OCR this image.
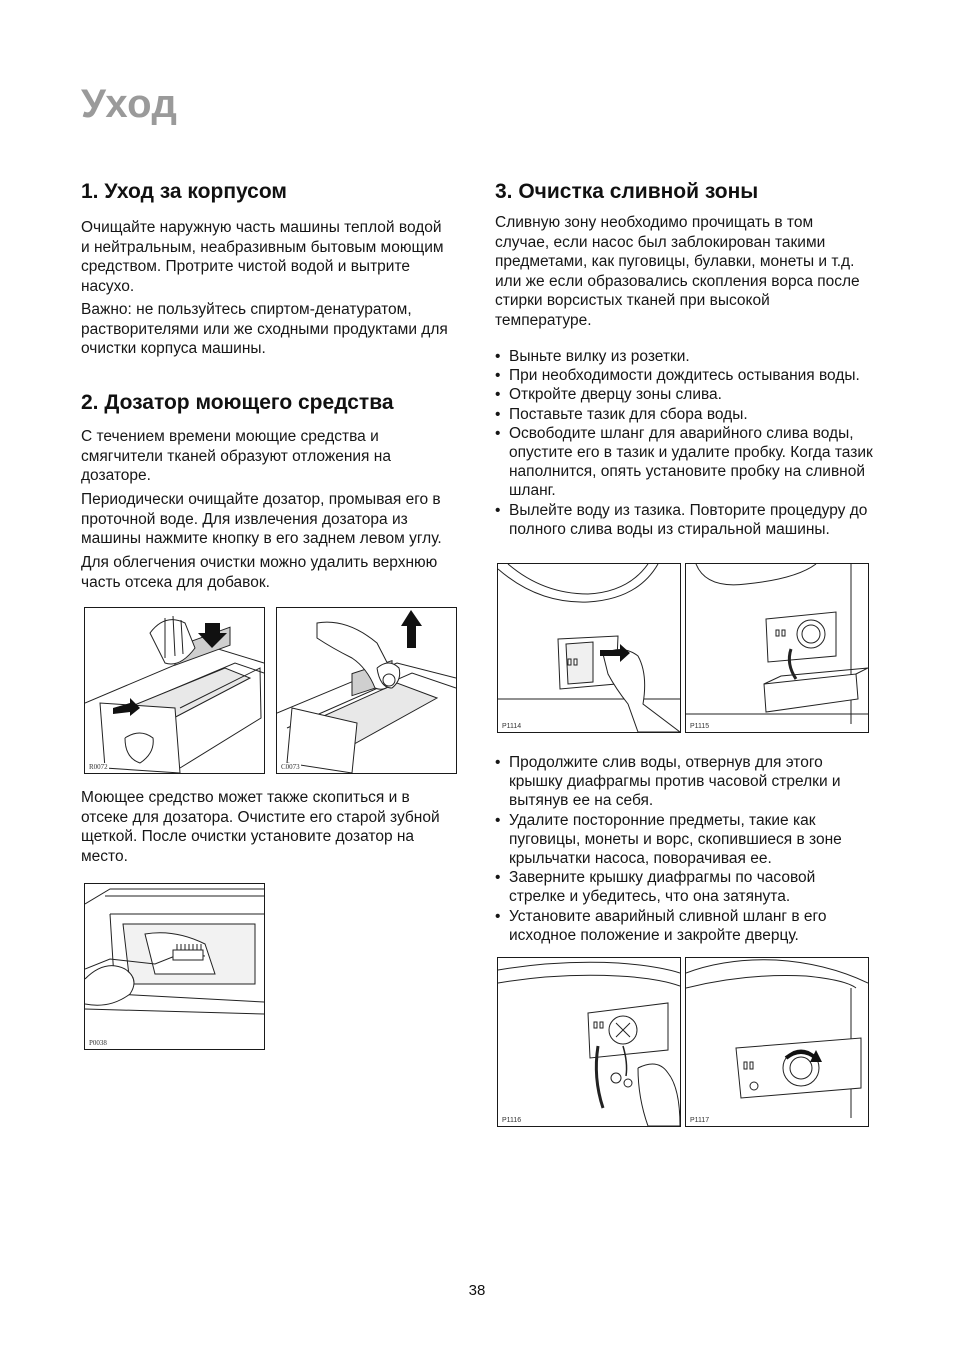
Уход
1. Уход за корпусом

Очищайте наружную часть машины теплой водой и нейтральным, неабразивным бытовым моющим средством. Протрите чистой водой и вытрите насухо.

Важно: не пользуйтесь спиртом-денатуратом, растворителями или же сходными продуктами для очистки корпуса машины.

2. Дозатор моющего средства

С течением времени моющие средства и смягчители тканей образуют отложения на дозаторе.

Периодически очищайте дозатор, промывая его в проточной воде. Для извлечения дозатора из машины нажмите кнопку в его заднем левом углу.

Для облегчения очистки можно удалить верхнюю часть отсека для добавок.

R0072	C0073

Моющее средство может также скопиться и в отсеке для дозатора. Очистите его старой зубной щеткой. После очистки установите дозатор на место.

P0038
3. Очистка сливной зоны

Сливную зону необходимо прочищать в том случае, если насос был заблокирован такими предметами, как пуговицы, булавки, монеты и т.д. или же если образовались скопления ворса после стирки ворсистых тканей при высокой температуре.

• Выньте вилку из розетки.
• При необходимости дождитесь остывания воды.
• Откройте дверцу зоны слива.
• Поставьте тазик для сбора воды.
• Освободите шланг для аварийного слива воды, опустите его в тазик и удалите пробку. Когда тазик наполнится, опять установите пробку на сливной шланг.
• Вылейте воду из тазика. Повторите процедуру до полного слива воды из стиральной машины.
P1114	P1115
• Продолжите слив воды, отвернув для этого крышку диафрагмы против часовой стрелки и вытянув ее на себя.
• Удалите посторонние предметы, такие как пуговицы, монеты и ворс, скопившиеся в зоне крыльчатки насоса, поворачивая ее.
• Заверните крышку диафрагмы по часовой стрелке и убедитесь, что она затянута.
• Установите аварийный сливной шланг в его исходное положение и закройте дверцу.
P1116	P1117
38
